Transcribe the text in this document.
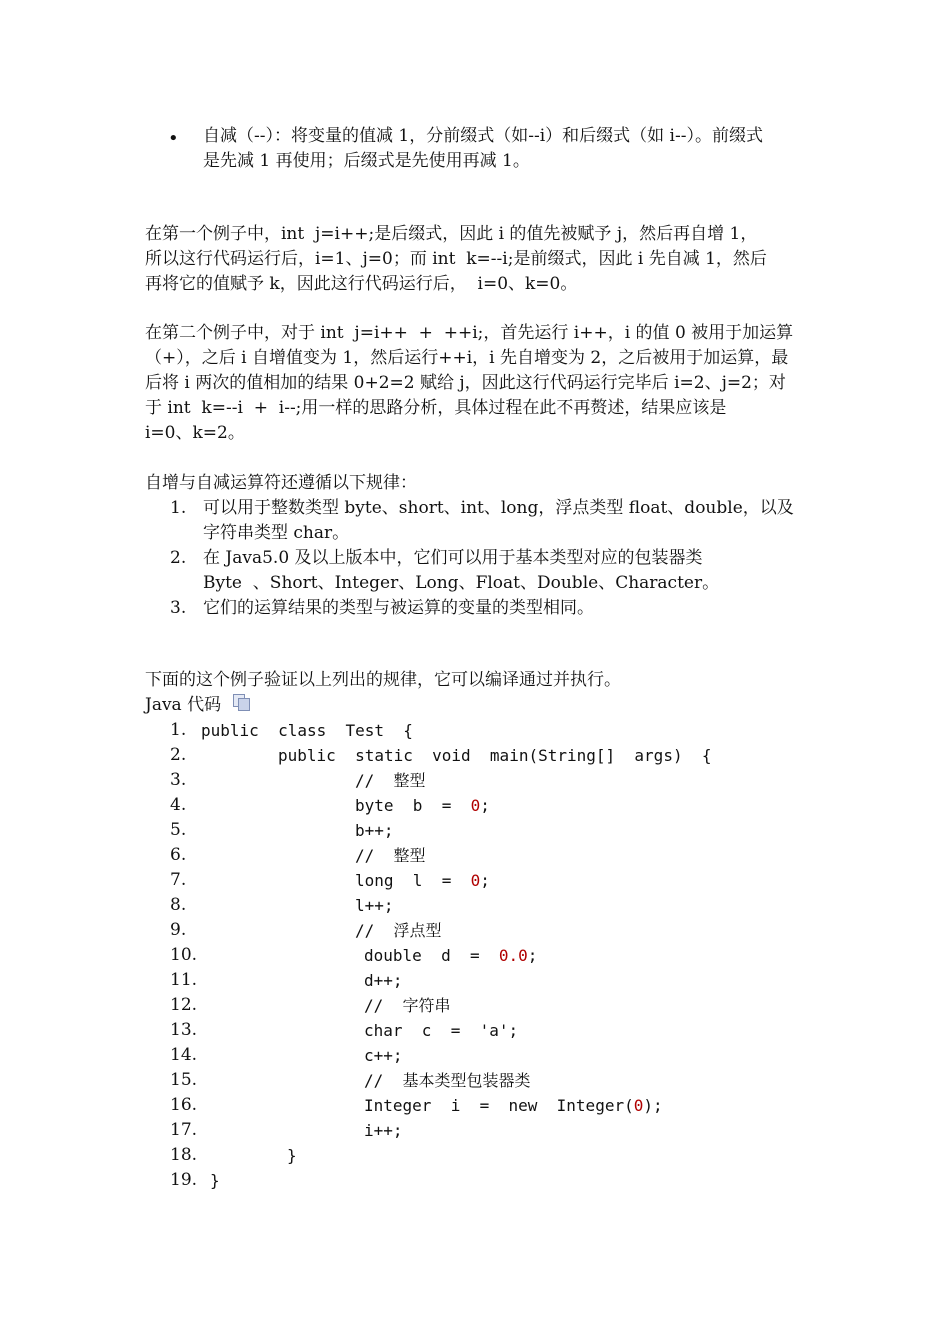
• 自减（--）：将变量的值减 1，分前缀式（如--i）和后缀式（如 i--）。前缀式
是先减 1 再使用；后缀式是先使用再减 1。
在第一个例子中，int  j=i++;是后缀式，因此 i 的值先被赋予 j，然后再自增 1，
所以这行代码运行后，i=1、j=0；而 int  k=--i;是前缀式，因此 i 先自减 1，然后
再将它的值赋予 k，因此这行代码运行后，  i=0、k=0。
在第二个例子中，对于 int  j=i++  +  ++i;，首先运行 i++，i 的值 0 被用于加运算
（+），之后 i 自增值变为 1，然后运行++i，i 先自增变为 2，之后被用于加运算，最
后将 i 两次的值相加的结果 0+2=2 赋给 j，因此这行代码运行完毕后 i=2、j=2；对
于 int  k=--i  +  i--;用一样的思路分析，具体过程在此不再赘述，结果应该是
i=0、k=2。
自增与自减运算符还遵循以下规律：
1. 可以用于整数类型 byte、short、int、long，浮点类型 float、double，以及
字符串类型 char。
2. 在 Java5.0 及以上版本中，它们可以用于基本类型对应的包装器类
Byte  、Short、Integer、Long、Float、Double、Character。
3. 它们的运算结果的类型与被运算的变量的类型相同。
下面的这个例子验证以上列出的规律，它可以编译通过并执行。
Java 代码
1. public  class  Test  {
2.	public  static  void  main(String[]  args)  {
3.	//  整型
4.	byte  b  =  0;
5.	b++;
6.	//  整型
7.	long  l  =  0;
8.	l++;
9.	//  浮点型
10.	double  d  =  0.0;
11.	d++;
12.	//  字符串
13.	char  c  =  'a';
14.	c++;
15.	//  基本类型包装器类
16.	Integer  i  =  new  Integer(0);
17.	i++;
18.	}
19. }
